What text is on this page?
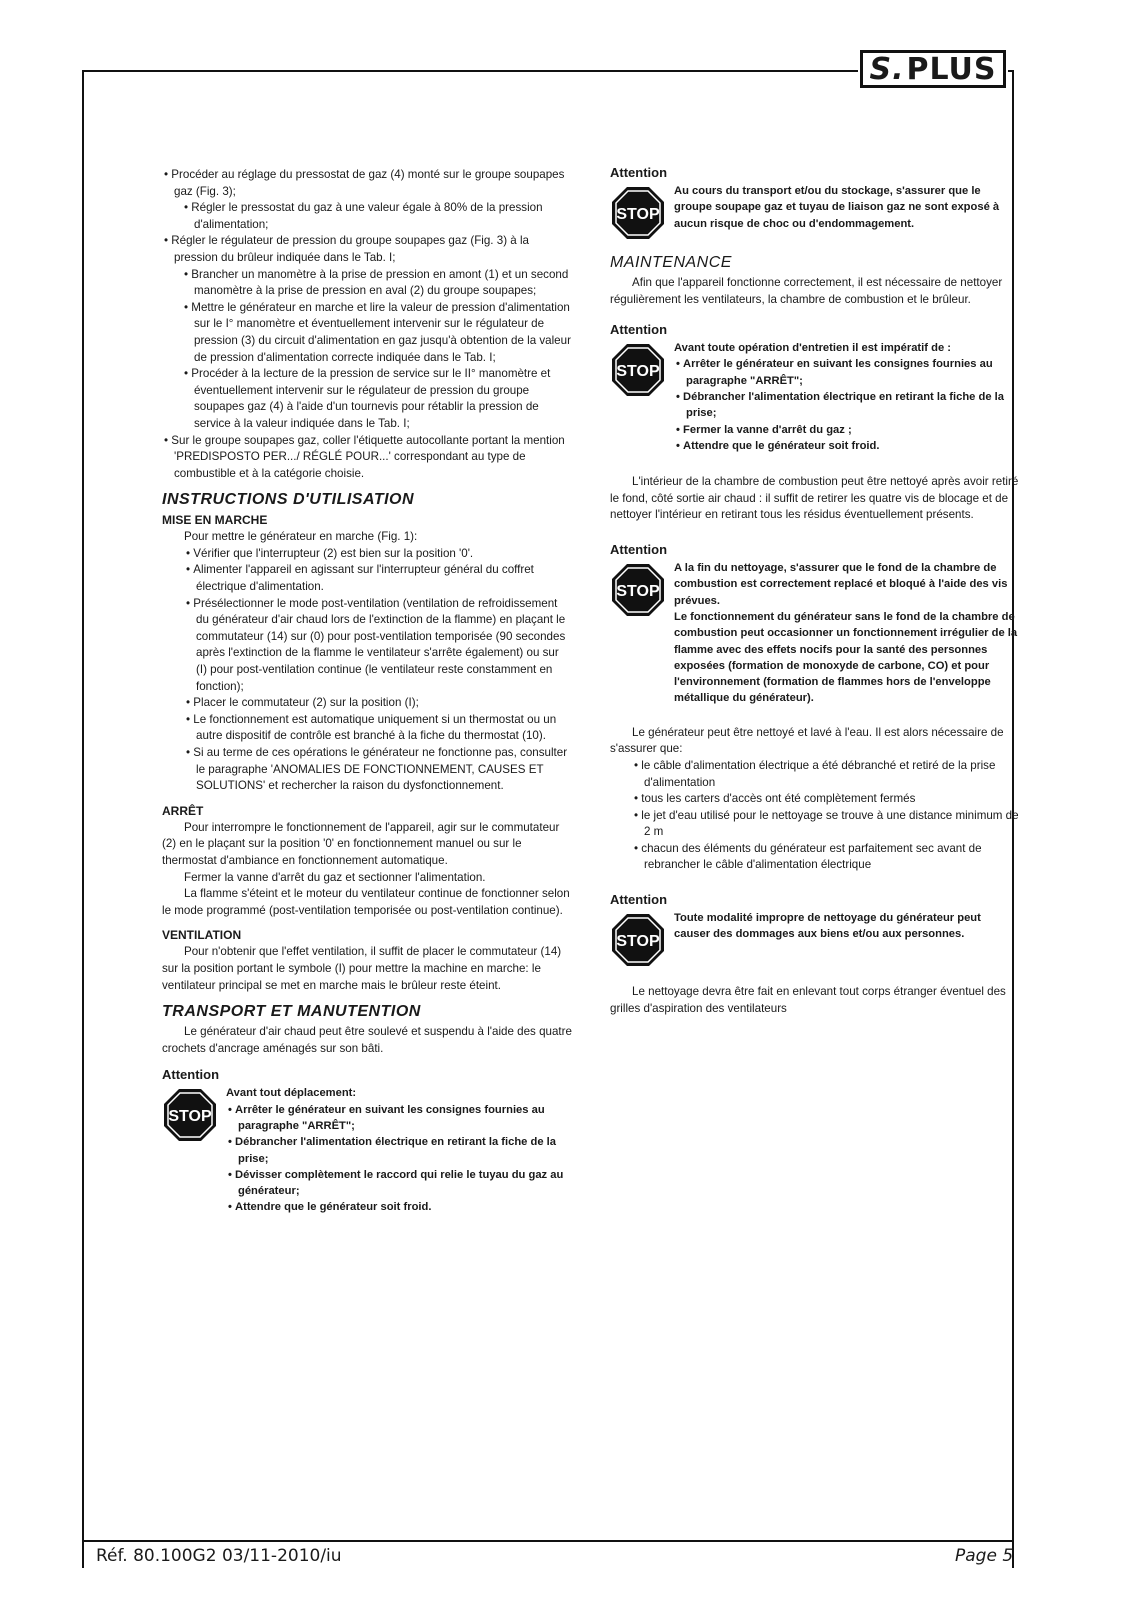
S. PLUS

• Procéder au réglage du pressostat de gaz (4) monté sur le groupe soupapes gaz (Fig. 3);

• Régler le pressostat du gaz à une valeur égale à 80% de la pression d'alimentation;

• Régler le régulateur de pression du groupe soupapes gaz (Fig. 3) à la pression du brûleur indiquée dans le Tab. I;

• Brancher un manomètre à la prise de pression en amont (1) et un second manomètre à la prise de pression en aval (2) du groupe soupapes;

• Mettre le générateur en marche et lire la valeur de pression d'alimentation sur le I° manomètre et éventuellement intervenir sur le régulateur de pression (3) du circuit d'alimentation en gaz jusqu'à obtention de la valeur de pression d'alimentation correcte indiquée dans le Tab. I;

• Procéder à la lecture de la pression de service sur le II° manomètre et éventuellement intervenir sur le régulateur de pression du groupe soupapes gaz (4) à l'aide d'un tournevis pour rétablir la pression de service à la valeur indiquée dans le Tab. I;

• Sur le groupe soupapes gaz, coller l'étiquette autocollante portant la mention 'PREDISPOSTO PER.../ RÉGLÉ POUR...' correspondant au type de combustible et à la catégorie choisie.

INSTRUCTIONS D'UTILISATION
MISE EN MARCHE

Pour mettre le générateur en marche (Fig. 1):

• Vérifier que l'interrupteur (2) est bien sur la position '0'.

• Alimenter l'appareil en agissant sur l'interrupteur général du coffret électrique d'alimentation.

• Présélectionner le mode post-ventilation (ventilation de refroidissement du générateur d'air chaud lors de l'extinction de la flamme) en plaçant le commutateur (14) sur (0) pour post-ventilation temporisée (90 secondes après l'extinction de la flamme le ventilateur s'arrête également) ou sur (I) pour post-ventilation continue (le ventilateur reste constamment en fonction);

• Placer le commutateur (2) sur la position (I);

• Le fonctionnement est automatique uniquement si un thermostat ou un autre dispositif de contrôle est branché à la fiche du thermostat (10).

• Si au terme de ces opérations le générateur ne fonctionne pas, consulter le paragraphe 'ANOMALIES DE FONCTIONNEMENT, CAUSES ET SOLUTIONS' et rechercher la raison du dysfonctionnement.

ARRÊT

Pour interrompre le fonctionnement de l'appareil, agir sur le commutateur (2) en le plaçant sur la position '0' en fonctionnement manuel ou sur le thermostat d'ambiance en fonctionnement automatique.

Fermer la vanne d'arrêt du gaz et sectionner l'alimentation.

La flamme s'éteint et le moteur du ventilateur continue de fonctionner selon le mode programmé (post-ventilation temporisée ou post-ventilation continue).

VENTILATION

Pour n'obtenir que l'effet ventilation, il suffit de placer le commutateur (14) sur la position portant le symbole (I) pour mettre la machine en marche: le ventilateur principal se met en marche mais le brûleur reste éteint.

TRANSPORT ET MANUTENTION

Le générateur d'air chaud peut être soulevé et suspendu à l'aide des quatre crochets d'ancrage aménagés sur son bâti.

Attention
STOP

Avant tout déplacement:

• Arrêter le générateur en suivant les consignes fournies au paragraphe "ARRÊT";

• Débrancher l'alimentation électrique en retirant la fiche de la prise;

• Dévisser complètement le raccord qui relie le tuyau du gaz au générateur;

• Attendre que le générateur soit froid.

Attention
STOP

Au cours du transport et/ou du stockage, s'assurer que le groupe soupape gaz et tuyau de liaison gaz ne sont exposé à aucun risque de choc ou d'endommagement.

MAINTENANCE

Afin que l'appareil fonctionne correctement, il est nécessaire de nettoyer régulièrement les ventilateurs, la chambre de combustion et le brûleur.

Attention
STOP

Avant toute opération d'entretien il est impératif de :

• Arrêter le générateur en suivant les consignes fournies au paragraphe "ARRÊT";

• Débrancher l'alimentation électrique en retirant la fiche de la prise;

• Fermer la vanne d'arrêt du gaz ;

• Attendre que le générateur soit froid.

L'intérieur de la chambre de combustion peut être nettoyé après avoir retiré le fond, côté sortie air chaud : il suffit de retirer les quatre vis de blocage et de nettoyer l'intérieur en retirant tous les résidus éventuellement présents.

Attention
STOP

A la fin du nettoyage, s'assurer que le fond de la chambre de combustion est correctement replacé et bloqué à l'aide des vis prévues.

Le fonctionnement du générateur sans le fond de la chambre de combustion peut occasionner un fonctionnement irrégulier de la flamme avec des effets nocifs pour la santé des personnes exposées (formation de monoxyde de carbone, CO) et pour l'environnement (formation de flammes hors de l'enveloppe métallique du générateur).

Le générateur peut être nettoyé et lavé à l'eau. Il est alors nécessaire de s'assurer que:

• le câble d'alimentation électrique a été débranché et retiré de la prise d'alimentation

• tous les carters d'accès ont été complètement fermés

• le jet d'eau utilisé pour le nettoyage se trouve à une distance minimum de 2 m

• chacun des éléments du générateur est parfaitement sec avant de rebrancher le câble d'alimentation électrique

Attention
STOP

Toute modalité impropre de nettoyage du générateur peut causer des dommages aux biens et/ou aux personnes.

Le nettoyage devra être fait en enlevant tout corps étranger éventuel des grilles d'aspiration des ventilateurs

Réf. 80.100G2 03/11-2010/iu	Page 5
